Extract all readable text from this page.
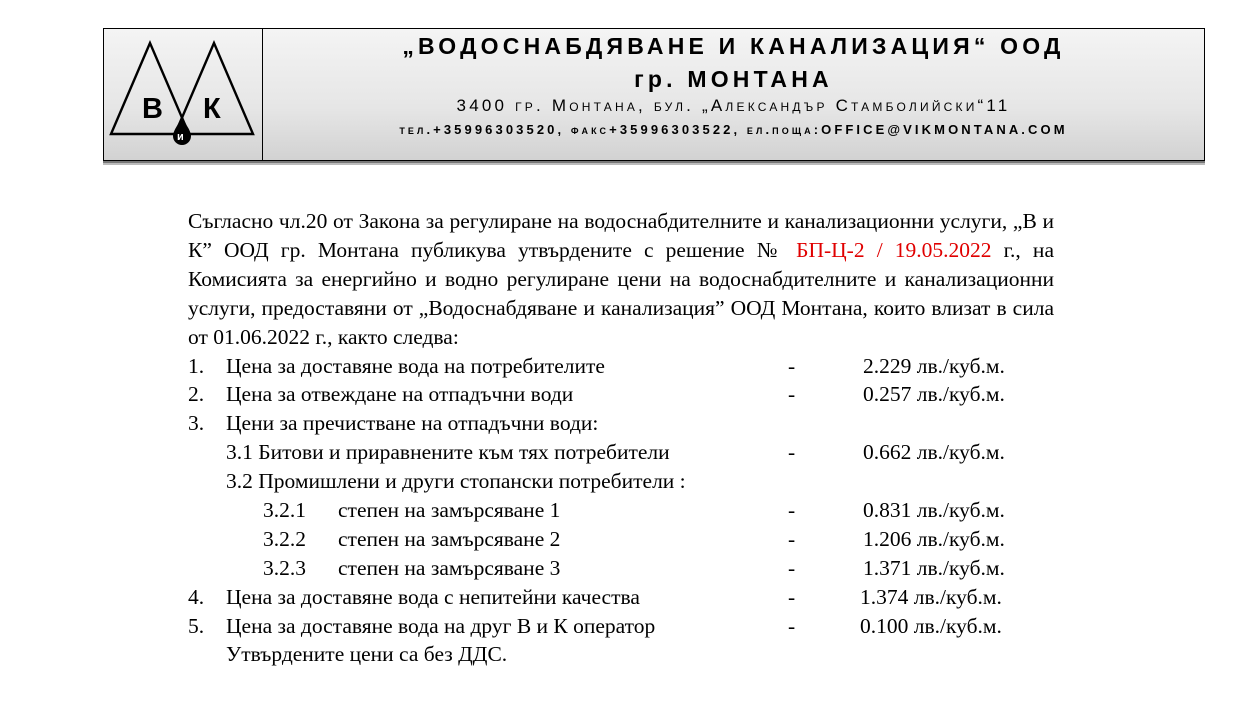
В К
и
„ВОДОСНАБДЯВАНЕ И КАНАЛИЗАЦИЯ“ ООД
гр. МОНТАНА
3400 гр. Монтана, бул. „Александър Стамболийски“11
тел.+35996303520, факс+35996303522, ел.поща:OFFICE@VIKMONTANA.COM

Съгласно чл.20 от Закона за регулиране на водоснабдителните и канализационни услуги, „В и К” ООД гр. Монтана публикува утвърдените с решение № БП-Ц-2 / 19.05.2022 г., на Комисията за енергийно и водно регулиране цени на водоснабдителните и канализационни услуги, предоставяни от „Водоснабдяване и канализация” ООД Монтана, които влизат в сила от 01.06.2022 г., както следва:

1. Цена за доставяне вода на потребителите	-	2.229 лв./куб.м.
2. Цена за отвеждане на отпадъчни води	-	0.257 лв./куб.м.
3. Цени за пречистване на отпадъчни води:
3.1 Битови и приравнените към тях потребители	-	0.662 лв./куб.м.
3.2 Промишлени и други стопански потребители :
3.2.1 степен на замърсяване 1	-	0.831 лв./куб.м.
3.2.2 степен на замърсяване 2	-	1.206 лв./куб.м.
3.2.3 степен на замърсяване 3	-	1.371 лв./куб.м.
4. Цена за доставяне вода с непитейни качества	-	1.374 лв./куб.м.
5. Цена за доставяне вода на друг В и К оператор	-	0.100 лв./куб.м.
Утвърдените цени са без ДДС.
